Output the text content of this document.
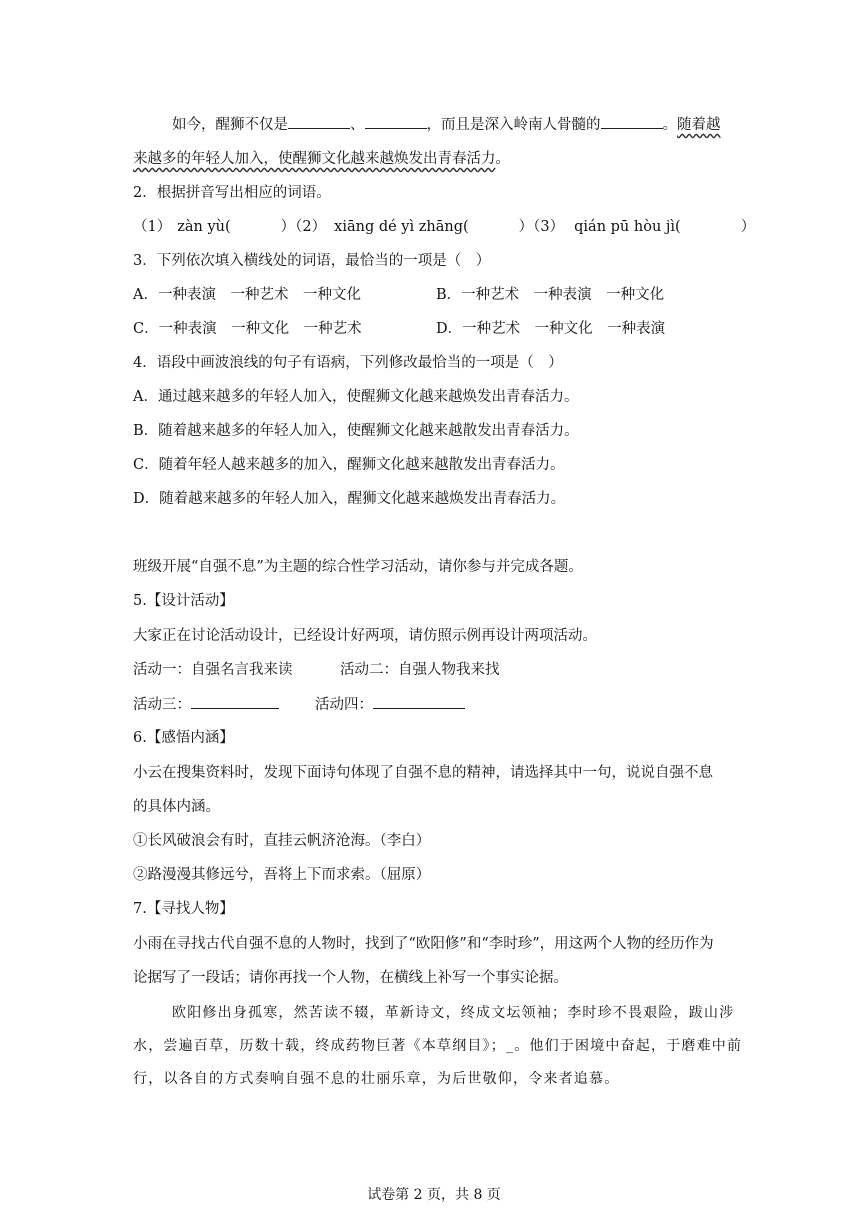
如今，醒狮不仅是	、	，而且是深入岭南人骨髓的	。随着越
来越多的年轻人加入，使醒狮文化越来越焕发出青春活力。
2．根据拼音写出相应的词语。
（1） zàn yù(	）（2） xiāng dé yì zhāng(	）（3） qián pū hòu jì(	）
3．下列依次填入横线处的词语，最恰当的一项是（　）
A．一种表演　一种艺术　一种文化	B．一种艺术　一种表演　一种文化
C．一种表演　一种文化　一种艺术	D．一种艺术　一种文化　一种表演
4．语段中画波浪线的句子有语病，下列修改最恰当的一项是（　）
A．通过越来越多的年轻人加入，使醒狮文化越来越焕发出青春活力。
B．随着越来越多的年轻人加入，使醒狮文化越来越散发出青春活力。
C．随着年轻人越来越多的加入，醒狮文化越来越散发出青春活力。
D．随着越来越多的年轻人加入，醒狮文化越来越焕发出青春活力。
班级开展“自强不息”为主题的综合性学习活动，请你参与并完成各题。
5.【设计活动】
大家正在讨论活动设计，已经设计好两项，请仿照示例再设计两项活动。
活动一：自强名言我来读	活动二：自强人物我来找
活动三：	活动四：
6.【感悟内涵】
小云在搜集资料时，发现下面诗句体现了自强不息的精神，请选择其中一句，说说自强不息
的具体内涵。
①长风破浪会有时，直挂云帆济沧海。（李白）
②路漫漫其修远兮，吾将上下而求索。（屈原）
7.【寻找人物】
小雨在寻找古代自强不息的人物时，找到了“欧阳修”和“李时珍”，用这两个人物的经历作为
论据写了一段话；请你再找一个人物，在横线上补写一个事实论据。
欧阳修出身孤寒，然苦读不辍，革新诗文，终成文坛领袖；李时珍不畏艰险，跋山涉
水，尝遍百草，历数十载，终成药物巨著《本草纲目》；_。他们于困境中奋起，于磨难中前
行，以各自的方式奏响自强不息的壮丽乐章，为后世敬仰，令来者追慕。
试卷第 2 页，共 8 页
